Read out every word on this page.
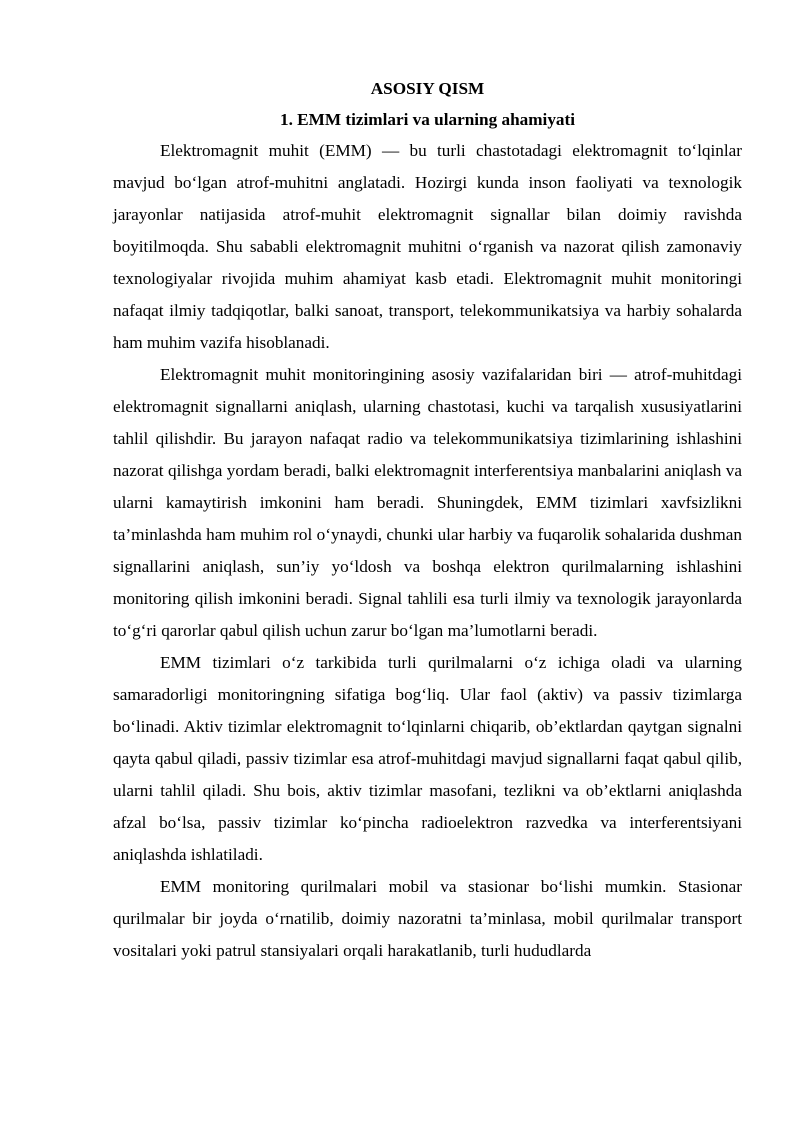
ASOSIY QISM

1. EMM tizimlari va ularning ahamiyati

Elektromagnit muhit (EMM) — bu turli chastotadagi elektromagnit to‘lqinlar mavjud bo‘lgan atrof-muhitni anglatadi. Hozirgi kunda inson faoliyati va texnologik jarayonlar natijasida atrof-muhit elektromagnit signallar bilan doimiy ravishda boyitilmoqda. Shu sababli elektromagnit muhitni o‘rganish va nazorat qilish zamonaviy texnologiyalar rivojida muhim ahamiyat kasb etadi. Elektromagnit muhit monitoringi nafaqat ilmiy tadqiqotlar, balki sanoat, transport, telekommunikatsiya va harbiy sohalarda ham muhim vazifa hisoblanadi.

Elektromagnit muhit monitoringining asosiy vazifalaridan biri — atrof-muhitdagi elektromagnit signallarni aniqlash, ularning chastotasi, kuchi va tarqalish xususiyatlarini tahlil qilishdir. Bu jarayon nafaqat radio va telekommunikatsiya tizimlarining ishlashini nazorat qilishga yordam beradi, balki elektromagnit interferentsiya manbalarini aniqlash va ularni kamaytirish imkonini ham beradi. Shuningdek, EMM tizimlari xavfsizlikni ta’minlashda ham muhim rol o‘ynaydi, chunki ular harbiy va fuqarolik sohalarida dushman signallarini aniqlash, sun’iy yo‘ldosh va boshqa elektron qurilmalarning ishlashini monitoring qilish imkonini beradi. Signal tahlili esa turli ilmiy va texnologik jarayonlarda to‘g‘ri qarorlar qabul qilish uchun zarur bo‘lgan ma’lumotlarni beradi.

EMM tizimlari o‘z tarkibida turli qurilmalarni o‘z ichiga oladi va ularning samaradorligi monitoringning sifatiga bog‘liq. Ular faol (aktiv) va passiv tizimlarga bo‘linadi. Aktiv tizimlar elektromagnit to‘lqinlarni chiqarib, ob’ektlardan qaytgan signalni qayta qabul qiladi, passiv tizimlar esa atrof-muhitdagi mavjud signallarni faqat qabul qilib, ularni tahlil qiladi. Shu bois, aktiv tizimlar masofani, tezlikni va ob’ektlarni aniqlashda afzal bo‘lsa, passiv tizimlar ko‘pincha radioelektron razvedka va interferentsiyani aniqlashda ishlatiladi.

EMM monitoring qurilmalari mobil va stasionar bo‘lishi mumkin. Stasionar qurilmalar bir joyda o‘rnatilib, doimiy nazoratni ta’minlasa, mobil qurilmalar transport vositalari yoki patrul stansiyalari orqali harakatlanib, turli hududlarda
